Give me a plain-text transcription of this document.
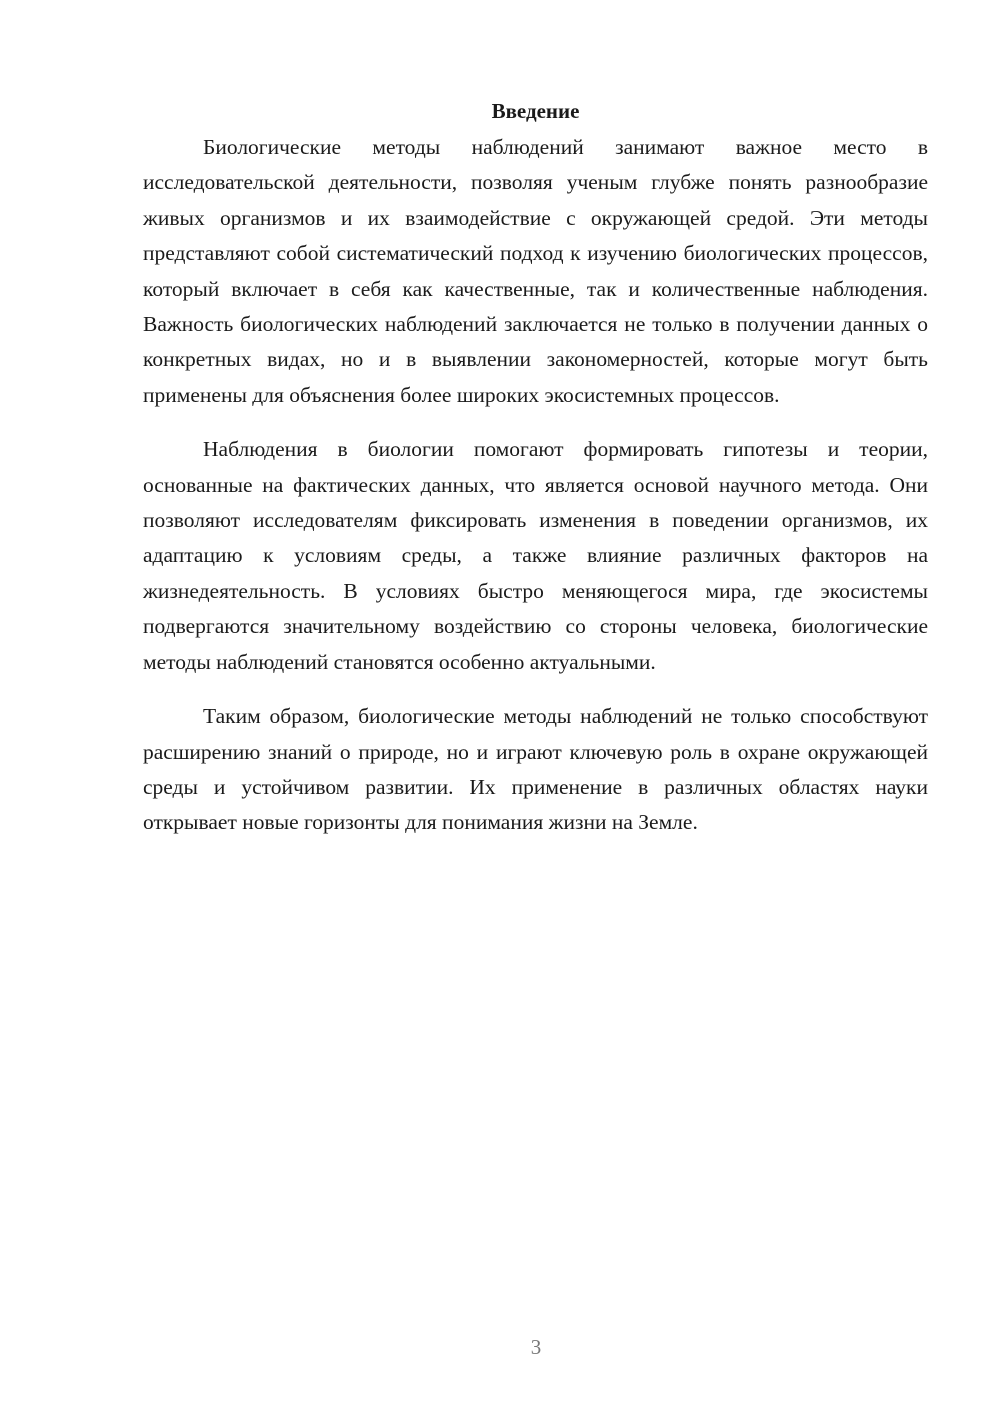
Введение

Биологические методы наблюдений занимают важное место в исследовательской деятельности, позволяя ученым глубже понять разнообразие живых организмов и их взаимодействие с окружающей средой. Эти методы представляют собой систематический подход к изучению биологических процессов, который включает в себя как качественные, так и количественные наблюдения. Важность биологических наблюдений заключается не только в получении данных о конкретных видах, но и в выявлении закономерностей, которые могут быть применены для объяснения более широких экосистемных процессов.

Наблюдения в биологии помогают формировать гипотезы и теории, основанные на фактических данных, что является основой научного метода. Они позволяют исследователям фиксировать изменения в поведении организмов, их адаптацию к условиям среды, а также влияние различных факторов на жизнедеятельность. В условиях быстро меняющегося мира, где экосистемы подвергаются значительному воздействию со стороны человека, биологические методы наблюдений становятся особенно актуальными.

Таким образом, биологические методы наблюдений не только способствуют расширению знаний о природе, но и играют ключевую роль в охране окружающей среды и устойчивом развитии. Их применение в различных областях науки открывает новые горизонты для понимания жизни на Земле.

3
